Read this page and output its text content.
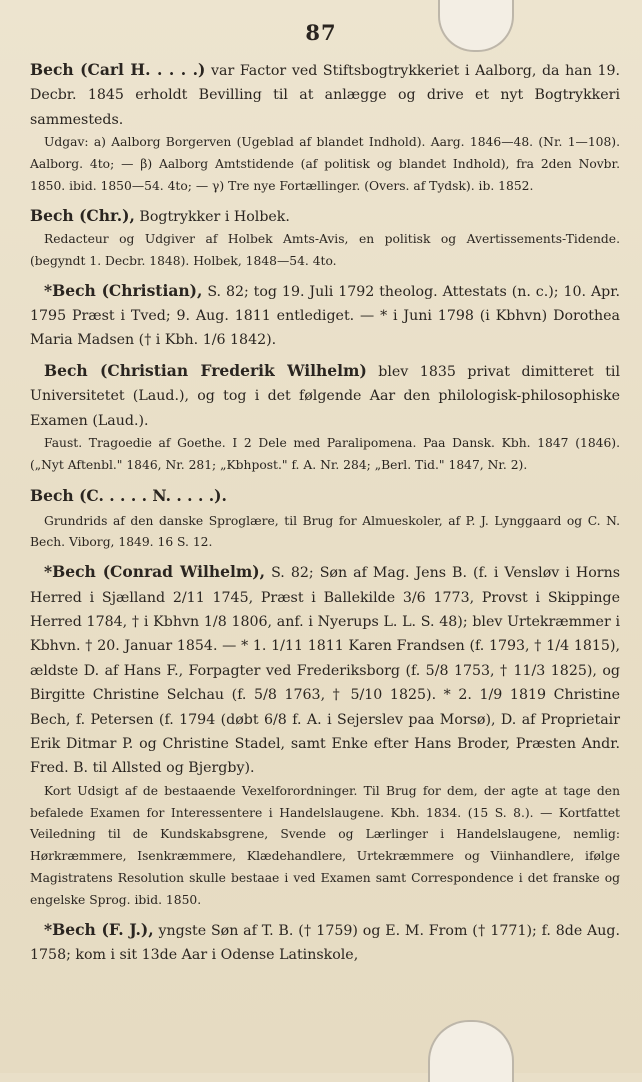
87

Bech (Carl H. . . . .) var Factor ved Stiftsbogtrykkeriet i Aalborg, da han 19. Decbr. 1845 erholdt Bevilling til at anlægge og drive et nyt Bogtrykkeri sammesteds.

Udgav: a) Aalborg Borgerven (Ugeblad af blandet Indhold). Aarg. 1846—48. (Nr. 1—108). Aalborg. 4to; — β) Aalborg Amtstidende (af politisk og blandet Indhold), fra 2den Novbr. 1850. ibid. 1850—54. 4to; — γ) Tre nye Fortællinger. (Overs. af Tydsk). ib. 1852.

Bech (Chr.), Bogtrykker i Holbek.

Redacteur og Udgiver af Holbek Amts-Avis, en politisk og Avertissements-Tidende. (begyndt 1. Decbr. 1848). Holbek, 1848—54. 4to.

*Bech (Christian), S. 82; tog 19. Juli 1792 theolog. Attestats (n. c.); 10. Apr. 1795 Præst i Tved; 9. Aug. 1811 entlediget. — * i Juni 1798 (i Kbhvn) Dorothea Maria Madsen († i Kbh. 1/6 1842).

Bech (Christian Frederik Wilhelm) blev 1835 privat dimitteret til Universitetet (Laud.), og tog i det følgende Aar den philologisk-philosophiske Examen (Laud.).

Faust. Tragoedie af Goethe. I 2 Dele med Paralipomena. Paa Dansk. Kbh. 1847 (1846). („Nyt Aftenbl." 1846, Nr. 281; „Kbhpost." f. A. Nr. 284; „Berl. Tid." 1847, Nr. 2).

Bech (C. . . . . N. . . . .).

Grundrids af den danske Sproglære, til Brug for Almueskoler, af P. J. Lynggaard og C. N. Bech. Viborg, 1849. 16 S. 12.

*Bech (Conrad Wilhelm), S. 82; Søn af Mag. Jens B. (f. i Vensløv i Horns Herred i Sjælland 2/11 1745, Præst i Ballekilde 3/6 1773, Provst i Skippinge Herred 1784, † i Kbhvn 1/8 1806, anf. i Nyerups L. L. S. 48); blev Urtekræmmer i Kbhvn. † 20. Januar 1854. — * 1. 1/11 1811 Karen Frandsen (f. 1793, † 1/4 1815), ældste D. af Hans F., Forpagter ved Frederiksborg (f. 5/8 1753, † 11/3 1825), og Birgitte Christine Selchau (f. 5/8 1763, † 5/10 1825). * 2. 1/9 1819 Christine Bech, f. Petersen (f. 1794 (døbt 6/8 f. A. i Sejerslev paa Morsø), D. af Proprietair Erik Ditmar P. og Christine Stadel, samt Enke efter Hans Broder, Præsten Andr. Fred. B. til Allsted og Bjergby).

Kort Udsigt af de bestaaende Vexelforordninger. Til Brug for dem, der agte at tage den befalede Examen for Interessentere i Handelslaugene. Kbh. 1834. (15 S. 8.). — Kortfattet Veiledning til de Kundskabsgrene, Svende og Lærlinger i Handelslaugene, nemlig: Hørkræmmere, Isenkræmmere, Klædehandlere, Urtekræmmere og Viinhandlere, ifølge Magistratens Resolution skulle bestaae i ved Examen samt Correspondence i det franske og engelske Sprog. ibid. 1850.

*Bech (F. J.), yngste Søn af T. B. († 1759) og E. M. From († 1771); f. 8de Aug. 1758; kom i sit 13de Aar i Odense Latinskole,
